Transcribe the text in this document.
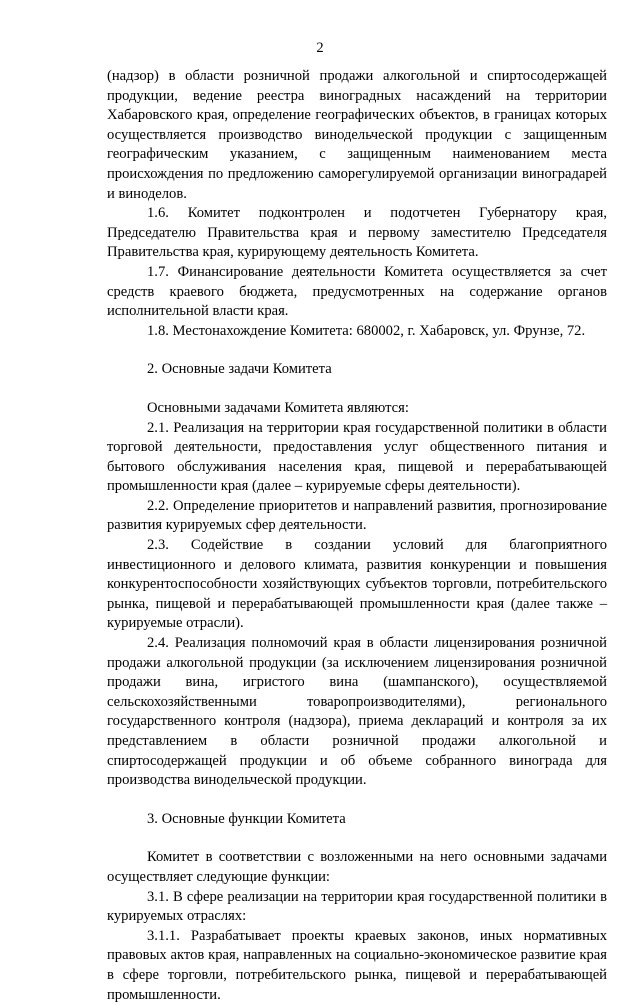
2

(надзор) в области розничной продажи алкогольной и спиртосодержащей продукции, ведение реестра виноградных насаждений на территории Хабаровского края, определение географических объектов, в границах которых осуществляется производство винодельческой продукции с защищенным географическим указанием, с защищенным наименованием места происхождения по предложению саморегулируемой организации виноградарей и виноделов.

1.6. Комитет подконтролен и подотчетен Губернатору края, Председателю Правительства края и первому заместителю Председателя Правительства края, курирующему деятельность Комитета.

1.7. Финансирование деятельности Комитета осуществляется за счет средств краевого бюджета, предусмотренных на содержание органов исполнительной власти края.

1.8. Местонахождение Комитета: 680002, г. Хабаровск, ул. Фрунзе, 72.

2. Основные задачи Комитета

Основными задачами Комитета являются:

2.1. Реализация на территории края государственной политики в области торговой деятельности, предоставления услуг общественного питания и бытового обслуживания населения края, пищевой и перерабатывающей промышленности края (далее – курируемые сферы деятельности).

2.2. Определение приоритетов и направлений развития, прогнозирование развития курируемых сфер деятельности.

2.3. Содействие в создании условий для благоприятного инвестиционного и делового климата, развития конкуренции и повышения конкурентоспособности хозяйствующих субъектов торговли, потребительского рынка, пищевой и перерабатывающей промышленности края (далее также – курируемые отрасли).

2.4. Реализация полномочий края в области лицензирования розничной продажи алкогольной продукции (за исключением лицензирования розничной продажи вина, игристого вина (шампанского), осуществляемой сельскохозяйственными товаропроизводителями), регионального государственного контроля (надзора), приема деклараций и контроля за их представлением в области розничной продажи алкогольной и спиртосодержащей продукции и об объеме собранного винограда для производства винодельческой продукции.

3. Основные функции Комитета

Комитет в соответствии с возложенными на него основными задачами осуществляет следующие функции:

3.1. В сфере реализации на территории края государственной политики в курируемых отраслях:

3.1.1. Разрабатывает проекты краевых законов, иных нормативных правовых актов края, направленных на социально-экономическое развитие края в сфере торговли, потребительского рынка, пищевой и перерабатывающей промышленности.
